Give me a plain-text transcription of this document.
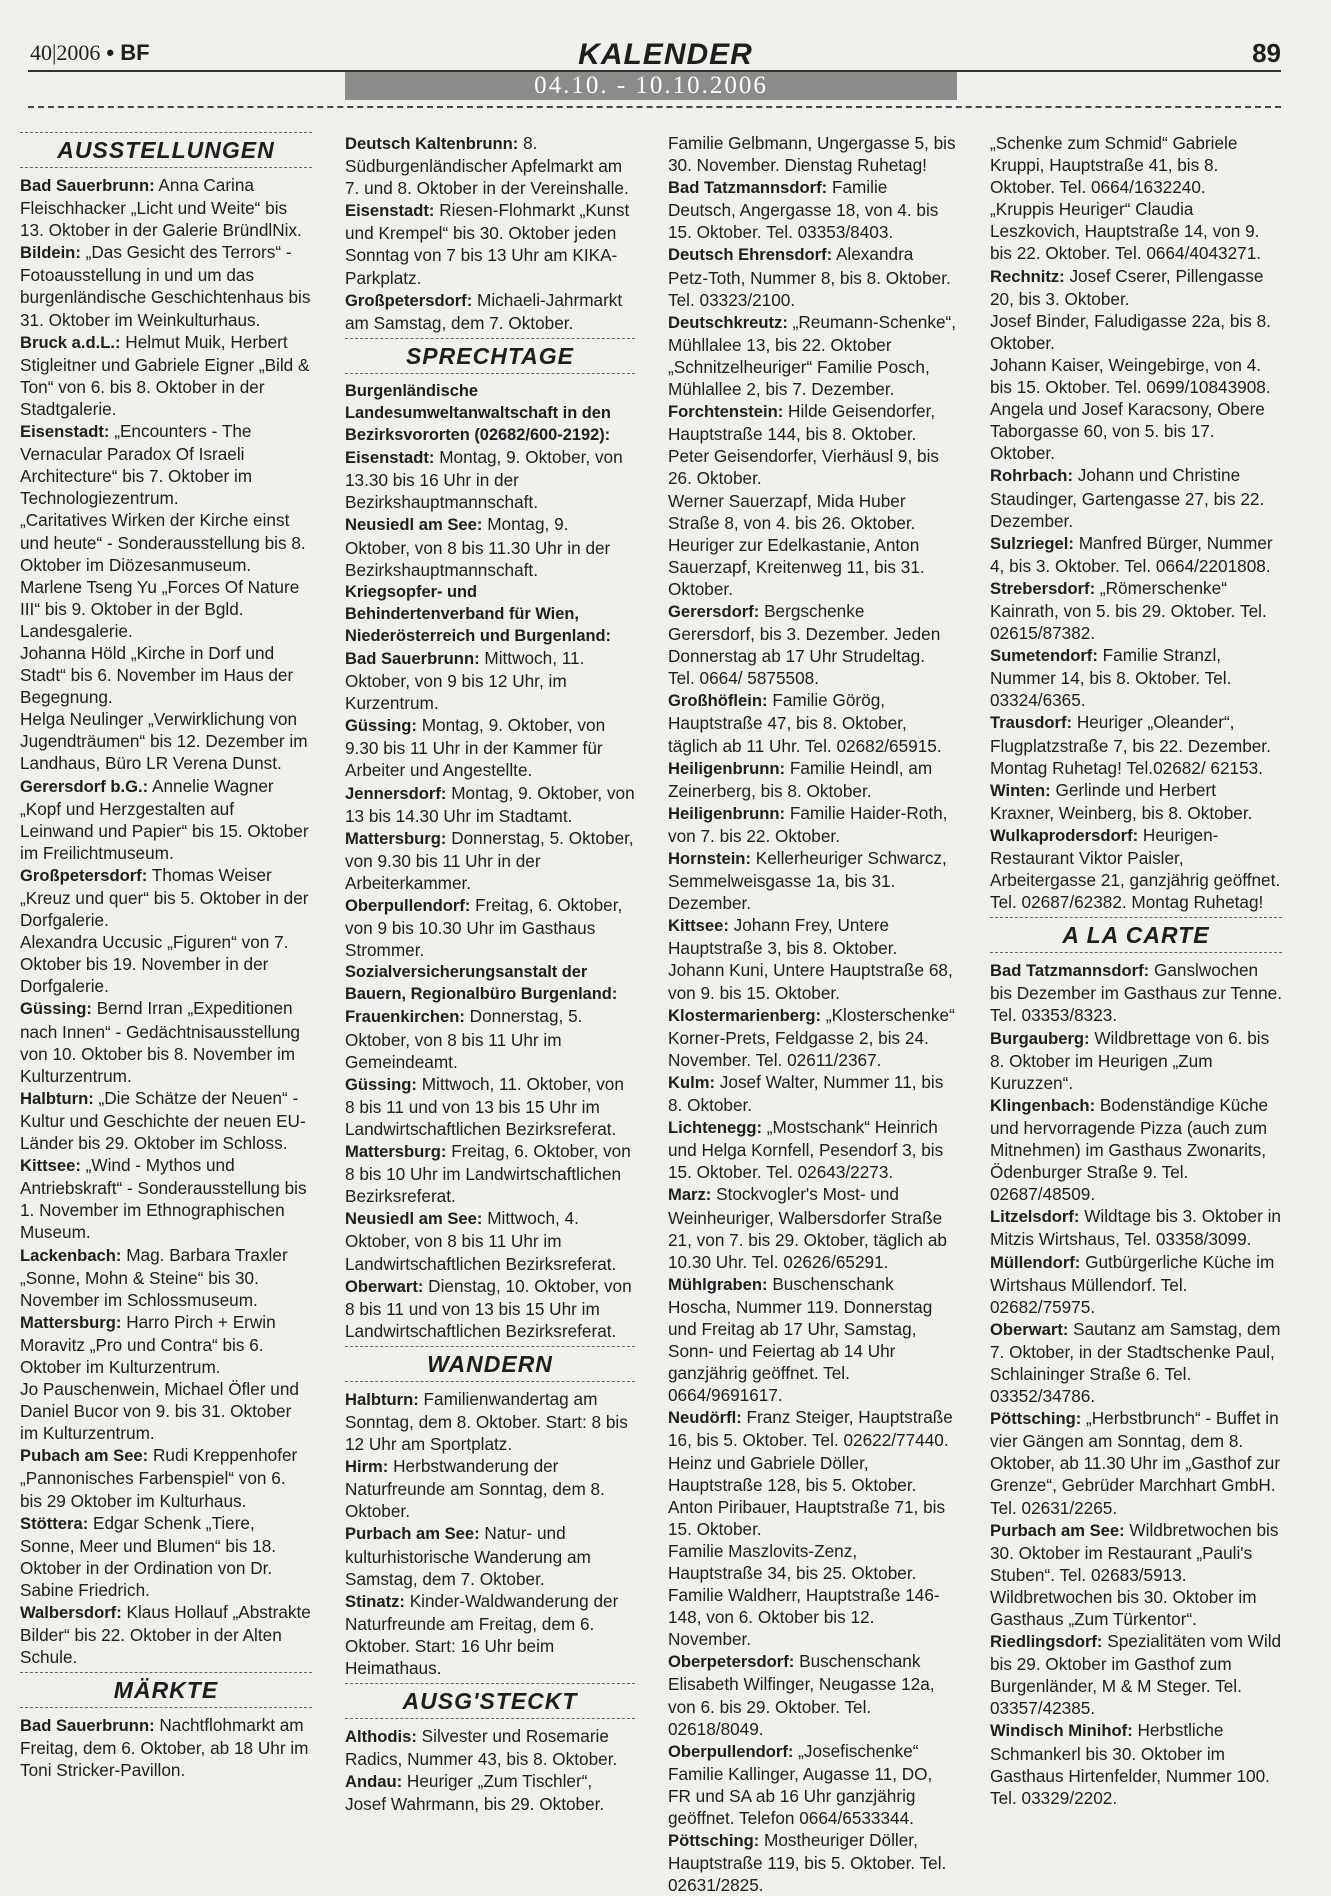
40|2006 • BF	KALENDER	89
04.10. - 10.10.2006
AUSSTELLUNGEN

Bad Sauerbrunn: Anna Carina Fleischhacker „Licht und Weite“ bis 13. Oktober in der Galerie BründlNix.

Bildein: „Das Gesicht des Terrors“ - Fotoausstellung in und um das burgenländische Geschichtenhaus bis 31. Oktober im Weinkulturhaus.

Bruck a.d.L.: Helmut Muik, Herbert Stigleitner und Gabriele Eigner „Bild & Ton“ von 6. bis 8. Oktober in der Stadtgalerie.

Eisenstadt: „Encounters - The Vernacular Paradox Of Israeli Architecture“ bis 7. Oktober im Technologiezentrum.

„Caritatives Wirken der Kirche einst und heute“ - Sonderausstellung bis 8. Oktober im Diözesanmuseum.

Marlene Tseng Yu „Forces Of Nature III“ bis 9. Oktober in der Bgld. Landesgalerie.

Johanna Höld „Kirche in Dorf und Stadt“ bis 6. November im Haus der Begegnung.

Helga Neulinger „Verwirklichung von Jugendträumen“ bis 12. Dezember im Landhaus, Büro LR Verena Dunst.

Gerersdorf b.G.: Annelie Wagner „Kopf und Herzgestalten auf Leinwand und Papier“ bis 15. Oktober im Freilichtmuseum.

Großpetersdorf: Thomas Weiser „Kreuz und quer“ bis 5. Oktober in der Dorfgalerie.

Alexandra Uccusic „Figuren“ von 7. Oktober bis 19. November in der Dorfgalerie.

Güssing: Bernd Irran „Expeditionen nach Innen“ - Gedächtnisausstellung von 10. Oktober bis 8. November im Kulturzentrum.

Halbturn: „Die Schätze der Neuen“ - Kultur und Geschichte der neuen EU-Länder bis 29. Oktober im Schloss.

Kittsee: „Wind - Mythos und Antriebskraft“ - Sonderausstellung bis 1. November im Ethnographischen Museum.

Lackenbach: Mag. Barbara Traxler „Sonne, Mohn & Steine“ bis 30. November im Schlossmuseum.

Mattersburg: Harro Pirch + Erwin Moravitz „Pro und Contra“ bis 6. Oktober im Kulturzentrum.

Jo Pauschenwein, Michael Öfler und Daniel Bucor von 9. bis 31. Oktober im Kulturzentrum.

Pubach am See: Rudi Kreppenhofer „Pannonisches Farbenspiel“ von 6. bis 29 Oktober im Kulturhaus.

Stöttera: Edgar Schenk „Tiere, Sonne, Meer und Blumen“ bis 18. Oktober in der Ordination von Dr. Sabine Friedrich.

Walbersdorf: Klaus Hollauf „Abstrakte Bilder“ bis 22. Oktober in der Alten Schule.

MÄRKTE

Bad Sauerbrunn: Nachtflohmarkt am Freitag, dem 6. Oktober, ab 18 Uhr im Toni Stricker-Pavillon.

Deutsch Kaltenbrunn: 8. Südburgenländischer Apfelmarkt am 7. und 8. Oktober in der Vereinshalle.

Eisenstadt: Riesen-Flohmarkt „Kunst und Krempel“ bis 30. Oktober jeden Sonntag von 7 bis 13 Uhr am KIKA-Parkplatz.

Großpetersdorf: Michaeli-Jahrmarkt am Samstag, dem 7. Oktober.

SPRECHTAGE

Burgenländische Landesumweltanwaltschaft in den Bezirksvororten (02682/600-2192):

Eisenstadt: Montag, 9. Oktober, von 13.30 bis 16 Uhr in der Bezirkshauptmannschaft.

Neusiedl am See: Montag, 9. Oktober, von 8 bis 11.30 Uhr in der Bezirkshauptmannschaft.

Kriegsopfer- und Behindertenverband für Wien, Niederösterreich und Burgenland:

Bad Sauerbrunn: Mittwoch, 11. Oktober, von 9 bis 12 Uhr, im Kurzentrum.

Güssing: Montag, 9. Oktober, von 9.30 bis 11 Uhr in der Kammer für Arbeiter und Angestellte.

Jennersdorf: Montag, 9. Oktober, von 13 bis 14.30 Uhr im Stadtamt.

Mattersburg: Donnerstag, 5. Oktober, von 9.30 bis 11 Uhr in der Arbeiterkammer.

Oberpullendorf: Freitag, 6. Oktober, von 9 bis 10.30 Uhr im Gasthaus Strommer.

Sozialversicherungsanstalt der Bauern, Regionalbüro Burgenland:

Frauenkirchen: Donnerstag, 5. Oktober, von 8 bis 11 Uhr im Gemeindeamt.

Güssing: Mittwoch, 11. Oktober, von 8 bis 11 und von 13 bis 15 Uhr im Landwirtschaftlichen Bezirksreferat.

Mattersburg: Freitag, 6. Oktober, von 8 bis 10 Uhr im Landwirtschaftlichen Bezirksreferat.

Neusiedl am See: Mittwoch, 4. Oktober, von 8 bis 11 Uhr im Landwirtschaftlichen Bezirksreferat.

Oberwart: Dienstag, 10. Oktober, von 8 bis 11 und von 13 bis 15 Uhr im Landwirtschaftlichen Bezirksreferat.

WANDERN

Halbturn: Familienwandertag am Sonntag, dem 8. Oktober. Start: 8 bis 12 Uhr am Sportplatz.

Hirm: Herbstwanderung der Naturfreunde am Sonntag, dem 8. Oktober.

Purbach am See: Natur- und kulturhistorische Wanderung am Samstag, dem 7. Oktober.

Stinatz: Kinder-Waldwanderung der Naturfreunde am Freitag, dem 6. Oktober. Start: 16 Uhr beim Heimathaus.

AUSG'STECKT

Althodis: Silvester und Rosemarie Radics, Nummer 43, bis 8. Oktober.

Andau: Heuriger „Zum Tischler“, Josef Wahrmann, bis 29. Oktober.

Familie Gelbmann, Ungergasse 5, bis 30. November. Dienstag Ruhetag!

Bad Tatzmannsdorf: Familie Deutsch, Angergasse 18, von 4. bis 15. Oktober. Tel. 03353/8403.

Deutsch Ehrensdorf: Alexandra Petz-Toth, Nummer 8, bis 8. Oktober. Tel. 03323/2100.

Deutschkreutz: „Reumann-Schenke“, Mühllalee 13, bis 22. Oktober

„Schnitzelheuriger“ Familie Posch, Mühlallee 2, bis 7. Dezember.

Forchtenstein: Hilde Geisendorfer, Hauptstraße 144, bis 8. Oktober.

Peter Geisendorfer, Vierhäusl 9, bis 26. Oktober.

Werner Sauerzapf, Mida Huber Straße 8, von 4. bis 26. Oktober.

Heuriger zur Edelkastanie, Anton Sauerzapf, Kreitenweg 11, bis 31. Oktober.

Gerersdorf: Bergschenke Gerersdorf, bis 3. Dezember. Jeden Donnerstag ab 17 Uhr Strudeltag. Tel. 0664/ 5875508.

Großhöflein: Familie Görög, Hauptstraße 47, bis 8. Oktober, täglich ab 11 Uhr. Tel. 02682/65915.

Heiligenbrunn: Familie Heindl, am Zeinerberg, bis 8. Oktober.

Heiligenbrunn: Familie Haider-Roth, von 7. bis 22. Oktober.

Hornstein: Kellerheuriger Schwarcz, Semmelweisgasse 1a, bis 31. Dezember.

Kittsee: Johann Frey, Untere Hauptstraße 3, bis 8. Oktober.

Johann Kuni, Untere Hauptstraße 68, von 9. bis 15. Oktober.

Klostermarienberg: „Klosterschenke“ Korner-Prets, Feldgasse 2, bis 24. November. Tel. 02611/2367.

Kulm: Josef Walter, Nummer 11, bis 8. Oktober.

Lichtenegg: „Mostschank“ Heinrich und Helga Kornfell, Pesendorf 3, bis 15. Oktober. Tel. 02643/2273.

Marz: Stockvogler's Most- und Weinheuriger, Walbersdorfer Straße 21, von 7. bis 29. Oktober, täglich ab 10.30 Uhr. Tel. 02626/65291.

Mühlgraben: Buschenschank Hoscha, Nummer 119. Donnerstag und Freitag ab 17 Uhr, Samstag, Sonn- und Feiertag ab 14 Uhr ganzjährig geöffnet. Tel. 0664/9691617.

Neudörfl: Franz Steiger, Hauptstraße 16, bis 5. Oktober. Tel. 02622/77440.

Heinz und Gabriele Döller, Hauptstraße 128, bis 5. Oktober.

Anton Piribauer, Hauptstraße 71, bis 15. Oktober.

Familie Maszlovits-Zenz, Hauptstraße 34, bis 25. Oktober.

Familie Waldherr, Hauptstraße 146-148, von 6. Oktober bis 12. November.

Oberpetersdorf: Buschenschank Elisabeth Wilfinger, Neugasse 12a, von 6. bis 29. Oktober. Tel. 02618/8049.

Oberpullendorf: „Josefischenke“ Familie Kallinger, Augasse 11, DO, FR und SA ab 16 Uhr ganzjährig geöffnet. Telefon 0664/6533344.

Pöttsching: Mostheuriger Döller, Hauptstraße 119, bis 5. Oktober. Tel. 02631/2825.

„Schenke zum Schmid“ Gabriele Kruppi, Hauptstraße 41, bis 8. Oktober. Tel. 0664/1632240.

„Kruppis Heuriger“ Claudia Leszkovich, Hauptstraße 14, von 9. bis 22. Oktober. Tel. 0664/4043271.

Rechnitz: Josef Cserer, Pillengasse 20, bis 3. Oktober.

Josef Binder, Faludigasse 22a, bis 8. Oktober.

Johann Kaiser, Weingebirge, von 4. bis 15. Oktober. Tel. 0699/10843908.

Angela und Josef Karacsony, Obere Taborgasse 60, von 5. bis 17. Oktober.

Rohrbach: Johann und Christine Staudinger, Gartengasse 27, bis 22. Dezember.

Sulzriegel: Manfred Bürger, Nummer 4, bis 3. Oktober. Tel. 0664/2201808.

Strebersdorf: „Römerschenke“ Kainrath, von 5. bis 29. Oktober. Tel. 02615/87382.

Sumetendorf: Familie Stranzl, Nummer 14, bis 8. Oktober. Tel. 03324/6365.

Trausdorf: Heuriger „Oleander“, Flugplatzstraße 7, bis 22. Dezember. Montag Ruhetag! Tel.02682/ 62153.

Winten: Gerlinde und Herbert Kraxner, Weinberg, bis 8. Oktober.

Wulkaprodersdorf: Heurigen-Restaurant Viktor Paisler, Arbeitergasse 21, ganzjährig geöffnet. Tel. 02687/62382. Montag Ruhetag!

A LA CARTE

Bad Tatzmannsdorf: Ganslwochen bis Dezember im Gasthaus zur Tenne. Tel. 03353/8323.

Burgauberg: Wildbrettage von 6. bis 8. Oktober im Heurigen „Zum Kuruzzen“.

Klingenbach: Bodenständige Küche und hervorragende Pizza (auch zum Mitnehmen) im Gasthaus Zwonarits, Ödenburger Straße 9. Tel. 02687/48509.

Litzelsdorf: Wildtage bis 3. Oktober in Mitzis Wirtshaus, Tel. 03358/3099.

Müllendorf: Gutbürgerliche Küche im Wirtshaus Müllendorf. Tel. 02682/75975.

Oberwart: Sautanz am Samstag, dem 7. Oktober, in der Stadtschenke Paul, Schlaininger Straße 6. Tel. 03352/34786.

Pöttsching: „Herbstbrunch“ - Buffet in vier Gängen am Sonntag, dem 8. Oktober, ab 11.30 Uhr im „Gasthof zur Grenze“, Gebrüder Marchhart GmbH. Tel. 02631/2265.

Purbach am See: Wildbretwochen bis 30. Oktober im Restaurant „Pauli's Stuben“. Tel. 02683/5913.

Wildbretwochen bis 30. Oktober im Gasthaus „Zum Türkentor“.

Riedlingsdorf: Spezialitäten vom Wild bis 29. Oktober im Gasthof zum Burgenländer, M & M Steger. Tel. 03357/42385.

Windisch Minihof: Herbstliche Schmankerl bis 30. Oktober im Gasthaus Hirtenfelder, Nummer 100. Tel. 03329/2202.
